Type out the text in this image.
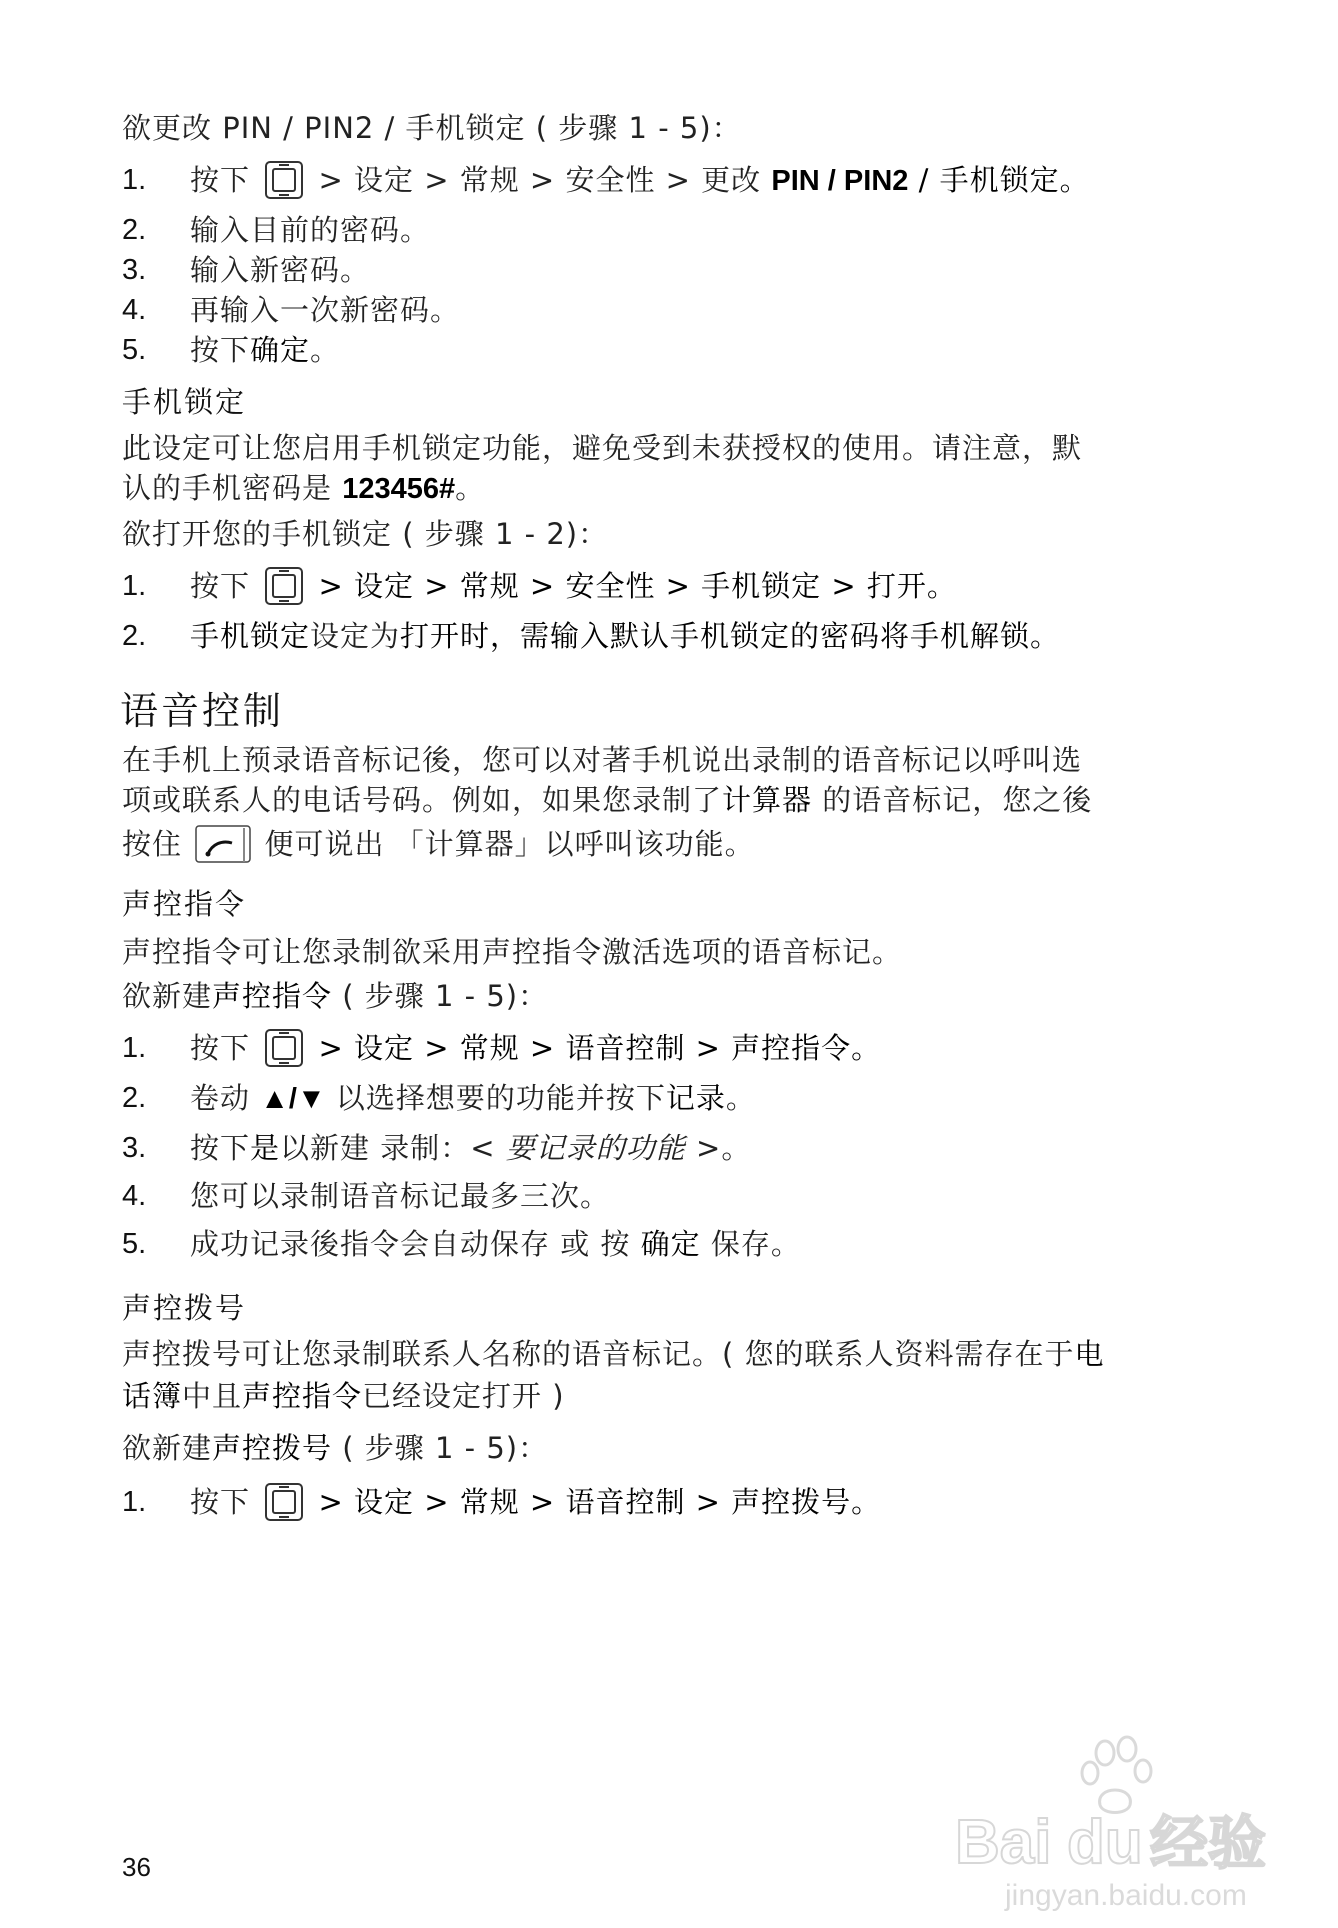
欲更改 PIN / PIN2 / 手机锁定 ( 步骤 1 - 5)：
1. 按下 > 设定 > 常规 > 安全性 > 更改 PIN / PIN2 / 手机锁定。
2. 输入目前的密码。
3. 输入新密码。
4. 再输入一次新密码。
5. 按下确定。
手机锁定
此设定可让您启用手机锁定功能，避免受到未获授权的使用。请注意，默
认的手机密码是 123456#。
欲打开您的手机锁定 ( 步骤 1 - 2)：
1. 按下 > 设定 > 常规 > 安全性 > 手机锁定 > 打开。
2. 手机锁定设定为打开时，需输入默认手机锁定的密码将手机解锁。
语音控制
在手机上预录语音标记後，您可以对著手机说出录制的语音标记以呼叫选
项或联系人的电话号码。例如，如果您录制了计算器 的语音标记，您之後
按住	便可说出 「计算器」以呼叫该功能。
声控指令
声控指令可让您录制欲采用声控指令激活选项的语音标记。
欲新建声控指令 ( 步骤 1 - 5)：
1. 按下 > 设定 > 常规 > 语音控制 > 声控指令。
2. 卷动 ▲/▼ 以选择想要的功能并按下记录。
3. 按下是以新建 录制：< 要记录的功能 >。
4. 您可以录制语音标记最多三次。
5. 成功记录後指令会自动保存 或 按 确定 保存。
声控拨号
声控拨号可让您录制联系人名称的语音标记。( 您的联系人资料需存在于电
话簿中且声控指令已经设定打开 )
欲新建声控拨号 ( 步骤 1 - 5)：
1. 按下 > 设定 > 常规 > 语音控制 > 声控拨号。
36	Bai du 经验
jingyan.baidu.com
